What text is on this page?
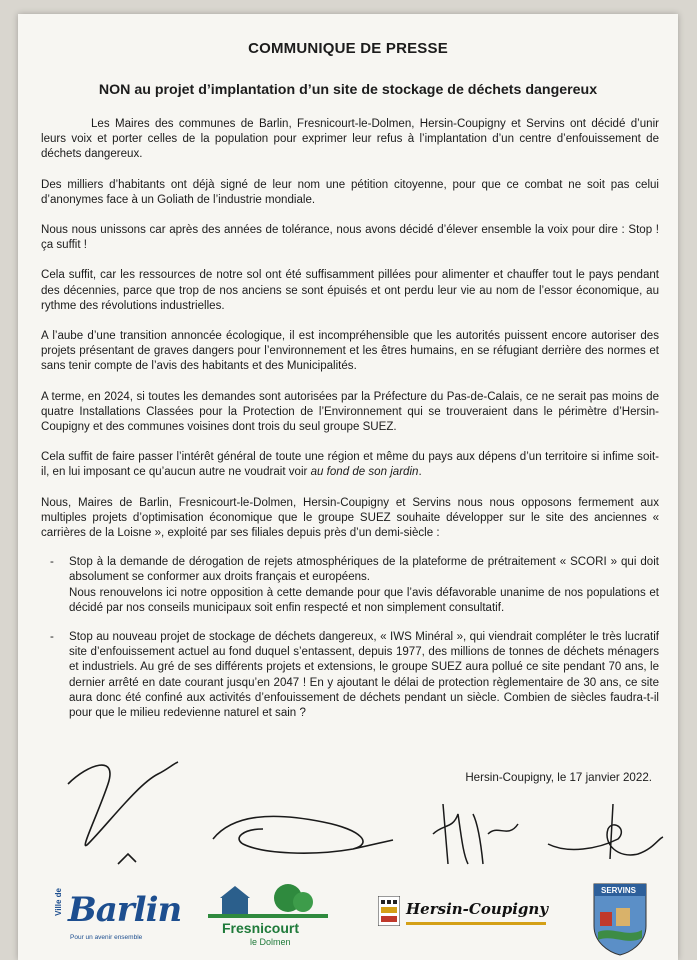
COMMUNIQUE DE PRESSE
NON au projet d’implantation d’un site de stockage de déchets dangereux

Les Maires des communes de Barlin, Fresnicourt-le-Dolmen, Hersin-Coupigny et Servins ont décidé d’unir leurs voix et porter celles de la population pour exprimer leur refus à l’implantation d’un centre d’enfouissement de déchets dangereux.

Des milliers d’habitants ont déjà signé de leur nom une pétition citoyenne, pour que ce combat ne soit pas celui d’anonymes face à un Goliath de l’industrie mondiale.

Nous nous unissons car après des années de tolérance, nous avons décidé d’élever ensemble la voix pour dire : Stop ! ça suffit !

Cela suffit, car les ressources de notre sol ont été suffisamment pillées pour alimenter et chauffer tout le pays pendant des décennies, parce que trop de nos anciens se sont épuisés et ont perdu leur vie au nom de l’essor économique, au rythme des révolutions industrielles.

A l’aube d’une transition annoncée écologique, il est incompréhensible que les autorités puissent encore autoriser des projets présentant de graves dangers pour l’environnement et les êtres humains, en se réfugiant derrière des normes et sans tenir compte de l’avis des habitants et des Municipalités.

A terme, en 2024, si toutes les demandes sont autorisées par la Préfecture du Pas-de-Calais, ce ne serait pas moins de quatre Installations Classées pour la Protection de l’Environnement qui se trouveraient dans le périmètre d’Hersin-Coupigny et des communes voisines dont trois du seul groupe SUEZ.

Cela suffit de faire passer l’intérêt général de toute une région et même du pays aux dépens d’un territoire si infime soit-il, en lui imposant ce qu’aucun autre ne voudrait voir au fond de son jardin.

Nous, Maires de Barlin, Fresnicourt-le-Dolmen, Hersin-Coupigny et Servins nous nous opposons fermement aux multiples projets d’optimisation économique que le groupe SUEZ souhaite développer sur le site des anciennes « carrières de la Loisne », exploité par ses filiales depuis près d’un demi-siècle :

- Stop à la demande de dérogation de rejets atmosphériques de la plateforme de prétraitement « SCORI » qui doit absolument se conformer aux droits français et européens.
Nous renouvelons ici notre opposition à cette demande pour que l’avis défavorable unanime de nos populations et décidé par nos conseils municipaux soit enfin respecté et non simplement consultatif.
- Stop au nouveau projet de stockage de déchets dangereux, « IWS Minéral », qui viendrait compléter le très lucratif site d’enfouissement actuel au fond duquel s’entassent, depuis 1977, des millions de tonnes de déchets ménagers et industriels. Au gré de ses différents projets et extensions, le groupe SUEZ aura pollué ce site pendant 70 ans, le dernier arrêté en date courant jusqu’en 2047 ! En y ajoutant le délai de protection règlementaire de 30 ans, ce site aura donc été confiné aux activités d’enfouissement de déchets pendant un siècle. Combien de siècles faudra-t-il pour que le milieu redevienne naturel et sain ?
Hersin-Coupigny, le 17 janvier 2022.
Ville de Barlin
Pour un avenir ensemble
Fresnicourt
le Dolmen
Hersin-Coupigny
SERVINS
